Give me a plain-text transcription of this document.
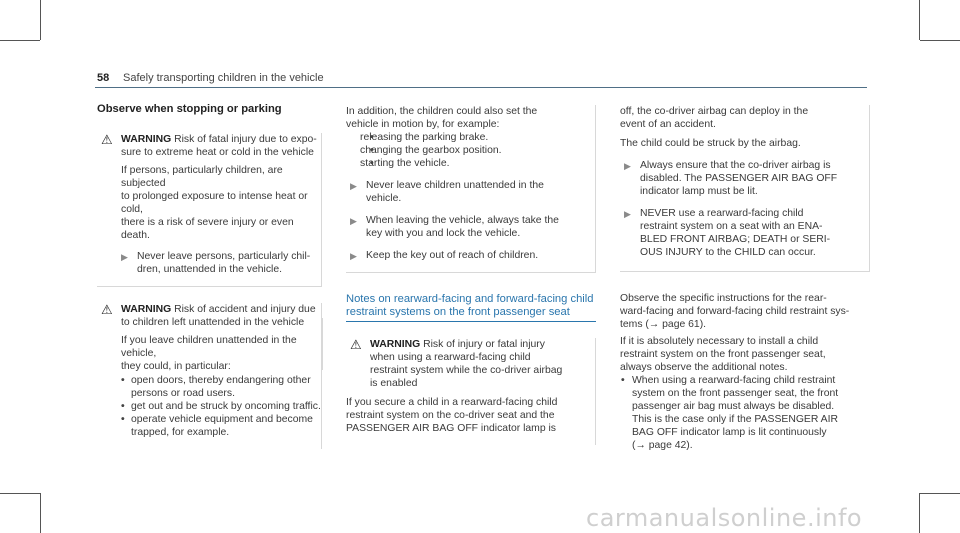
58 Safely transporting children in the vehicle

Observe when stopping or parking

⚠ WARNING Risk of fatal injury due to expo-

sure to extreme heat or cold in the vehicle

If persons, particularly children, are subjected

to prolonged exposure to intense heat or cold,

there is a risk of severe injury or even death.

▶ Never leave persons, particularly chil-

dren, unattended in the vehicle.

⚠ WARNING Risk of accident and injury due

to children left unattended in the vehicle

If you leave children unattended in the vehicle,

they could, in particular:

• open doors, thereby endangering other

persons or road users.

• get out and be struck by oncoming traffic.

• operate vehicle equipment and become

trapped, for example.

In addition, the children could also set the

vehicle in motion by, for example:

• releasing the parking brake.

• changing the gearbox position.

• starting the vehicle.

▶ Never leave children unattended in the

vehicle.

▶ When leaving the vehicle, always take the

key with you and lock the vehicle.

▶ Keep the key out of reach of children.

Notes on rearward-facing and forward-facing child

restraint systems on the front passenger seat

⚠ WARNING Risk of injury or fatal injury

when using a rearward-facing child

restraint system while the co-driver airbag

is enabled

If you secure a child in a rearward-facing child

restraint system on the co-driver seat and the

PASSENGER AIR BAG OFF indicator lamp is

off, the co-driver airbag can deploy in the

event of an accident.

The child could be struck by the airbag.

▶ Always ensure that the co-driver airbag is

disabled. The PASSENGER AIR BAG OFF

indicator lamp must be lit.

▶ NEVER use a rearward-facing child

restraint system on a seat with an ENA-

BLED FRONT AIRBAG; DEATH or SERI-

OUS INJURY to the CHILD can occur.

Observe the specific instructions for the rear-

ward-facing and forward-facing child restraint sys-

tems (→ page 61).

If it is absolutely necessary to install a child

restraint system on the front passenger seat,

always observe the additional notes.

• When using a rearward-facing child restraint

system on the front passenger seat, the front

passenger air bag must always be disabled.

This is the case only if the PASSENGER AIR

BAG OFF indicator lamp is lit continuously

(→ page 42).

carmanualsonline.info
